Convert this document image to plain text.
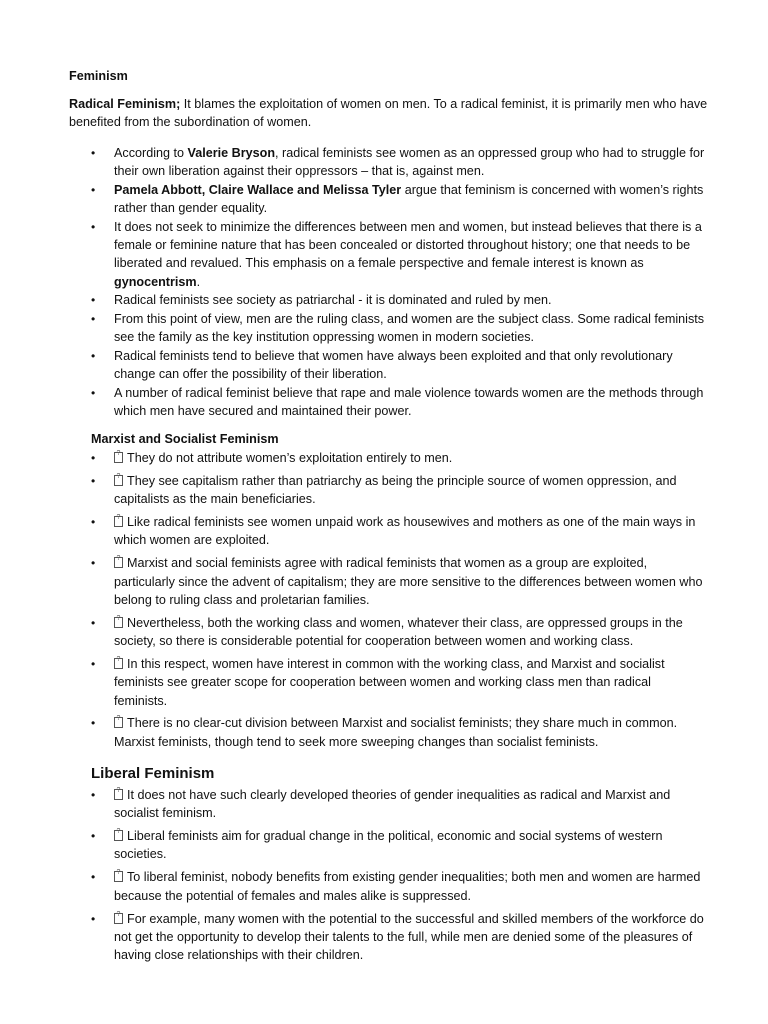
Feminism

Radical Feminism; It blames the exploitation of women on men. To a radical feminist, it is primarily men who have benefited from the subordination of women.

• According to Valerie Bryson, radical feminists see women as an oppressed group who had to struggle for their own liberation against their oppressors – that is, against men.
• Pamela Abbott, Claire Wallace and Melissa Tyler argue that feminism is concerned with women’s rights rather than gender equality.
• It does not seek to minimize the differences between men and women, but instead believes that there is a female or feminine nature that has been concealed or distorted throughout history; one that needs to be liberated and revalued. This emphasis on a female perspective and female interest is known as gynocentrism.
• Radical feminists see society as patriarchal - it is dominated and ruled by men.
• From this point of view, men are the ruling class, and women are the subject class. Some radical feminists see the family as the key institution oppressing women in modern societies.
• Radical feminists tend to believe that women have always been exploited and that only revolutionary change can offer the possibility of their liberation.
• A number of radical feminist believe that rape and male violence towards women are the methods through which men have secured and maintained their power.
Marxist and Socialist Feminism
• ?	They do not attribute women’s exploitation entirely to men.
• ?	They see capitalism rather than patriarchy as being the principle source of women oppression, and capitalists as the main beneficiaries.
• ?	Like radical feminists see women unpaid work as housewives and mothers as one of the main ways in which women are exploited.
• ?	Marxist and social feminists agree with radical feminists that women as a group are exploited, particularly since the advent of capitalism; they are more sensitive to the differences between women who belong to ruling class and proletarian families.
• ?	Nevertheless, both the working class and women, whatever their class, are oppressed groups in the society, so there is considerable potential for cooperation between women and working class.
• ?	In this respect, women have interest in common with the working class, and Marxist and socialist feminists see greater scope for cooperation between women and working class men than radical feminists.
• ?	There is no clear-cut division between Marxist and socialist feminists; they share much in common. Marxist feminists, though tend to seek more sweeping changes than socialist feminists.
Liberal Feminism
• ?	It does not have such clearly developed theories of gender inequalities as radical and Marxist and socialist feminism.
• ?	Liberal feminists aim for gradual change in the political, economic and social systems of western societies.
• ?	To liberal feminist, nobody benefits from existing gender inequalities; both men and women are harmed because the potential of females and males alike is suppressed.
• ?	For example, many women with the potential to the successful and skilled members of the workforce do not get the opportunity to develop their talents to the full, while men are denied some of the pleasures of having close relationships with their children.
